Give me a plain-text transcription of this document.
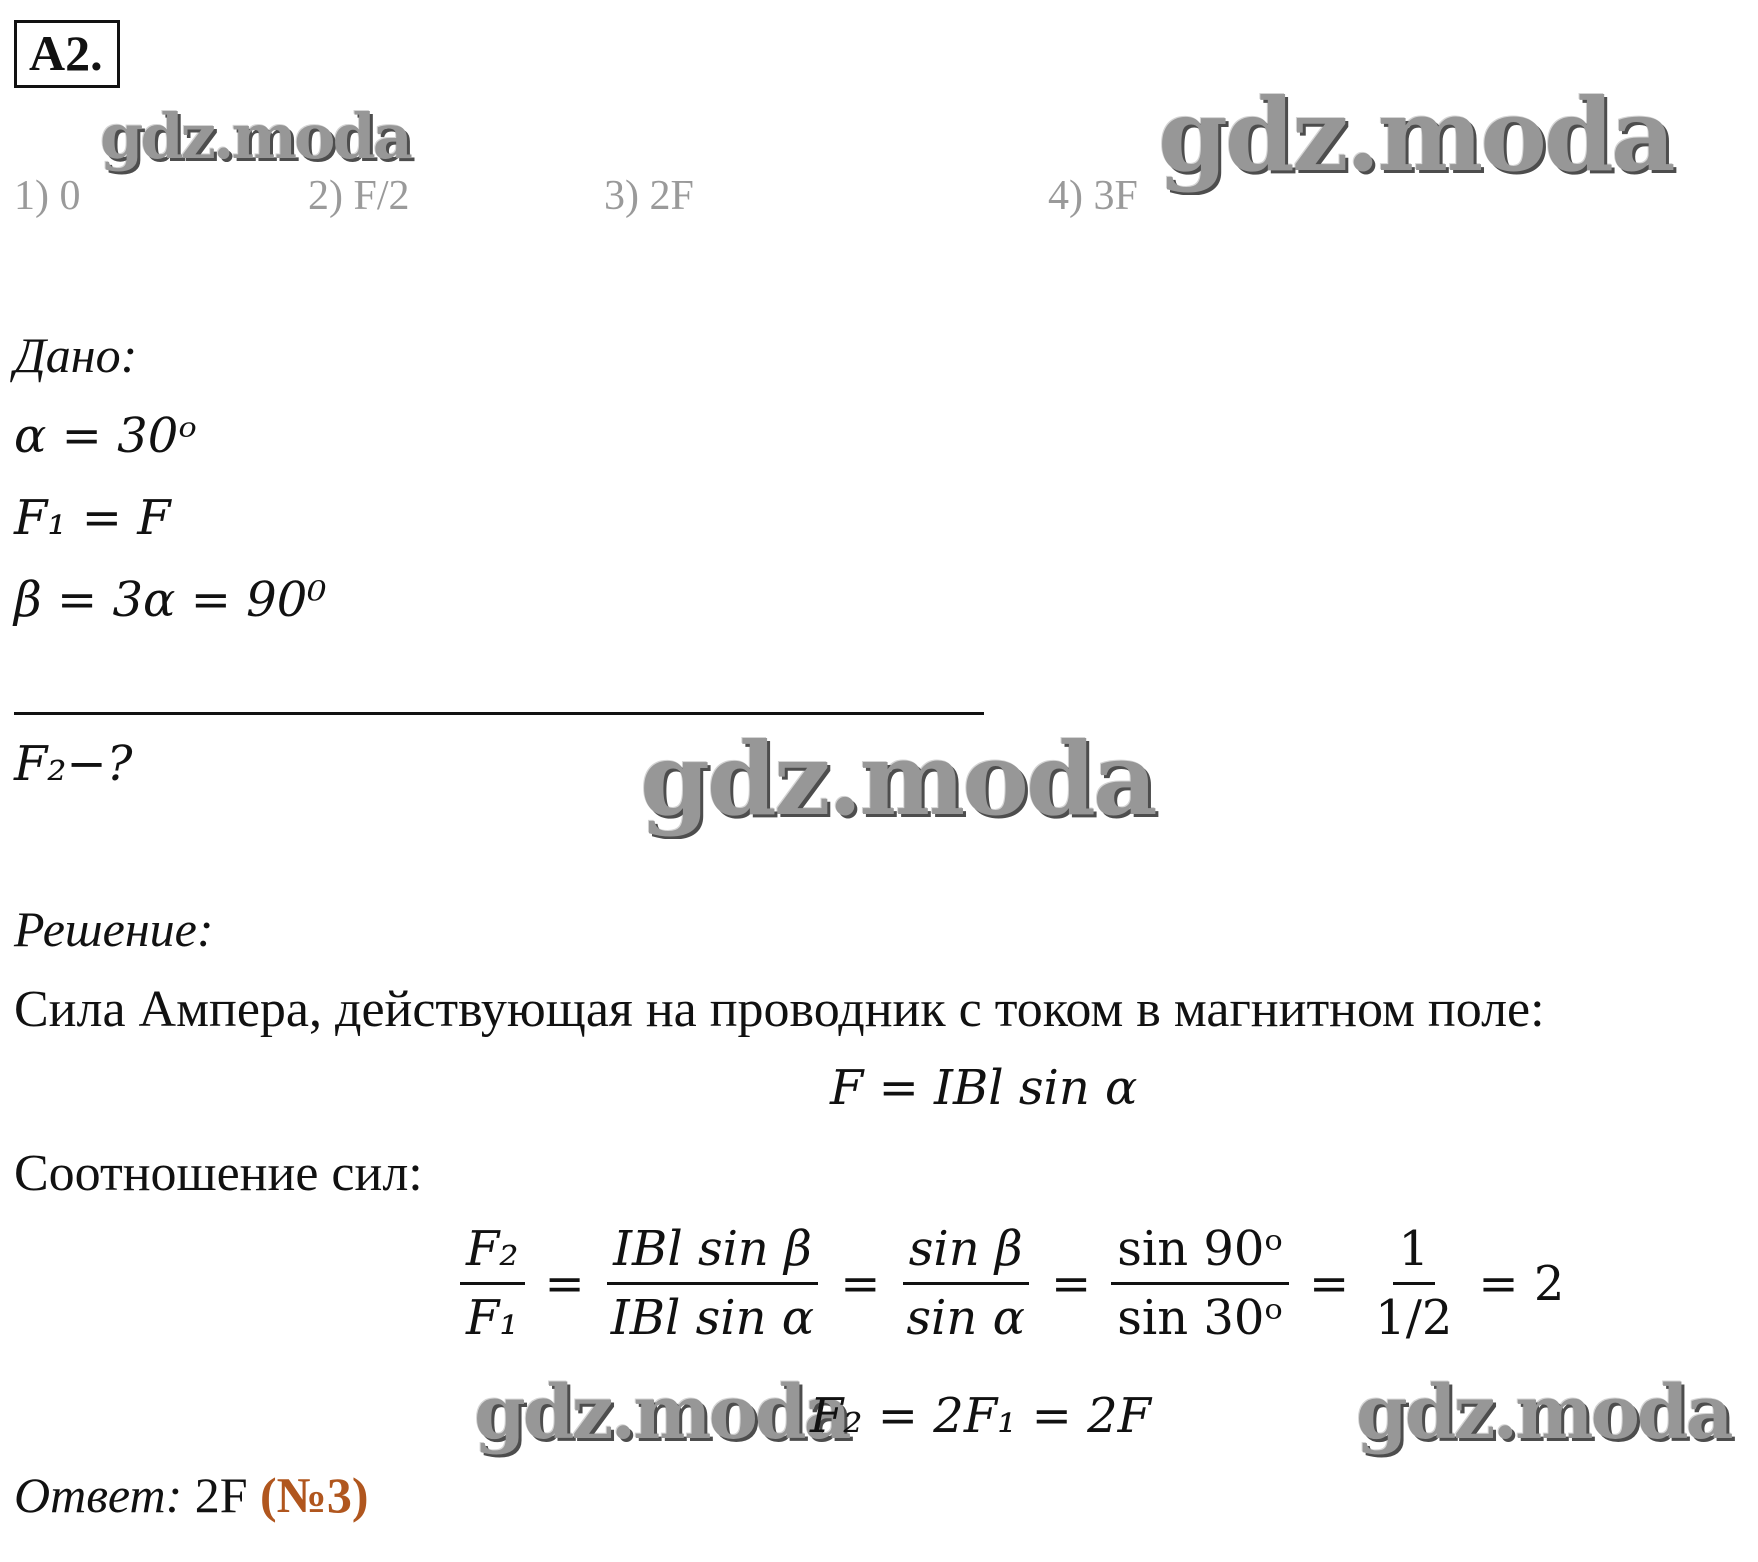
A2.
gdz.moda	gdz.moda
1) 0	2) F/2	3) 2F	4) 3F
Дано:
α = 30ᵒ
F₁ = F
β = 3α = 90⁰
F₂−?	gdz.moda
Решение:
Сила Ампера, действующая на проводник с током в магнитном поле:
F = IBl sin α
Соотношение сил:
$\frac{\text{F₂}}{\text{F₁}} = \frac{\text{IBl sin β}}{\text{IBl sin α}} = \frac{\text{sin β}}{\text{sin α}} = \frac{\text{sin 90ᵒ}}{\text{sin 30ᵒ}} = \frac{1}{1/2} = 2$
gdz.moda
F₂ = 2F₁ = 2F	gdz.moda
Ответ: 2F (№3)
